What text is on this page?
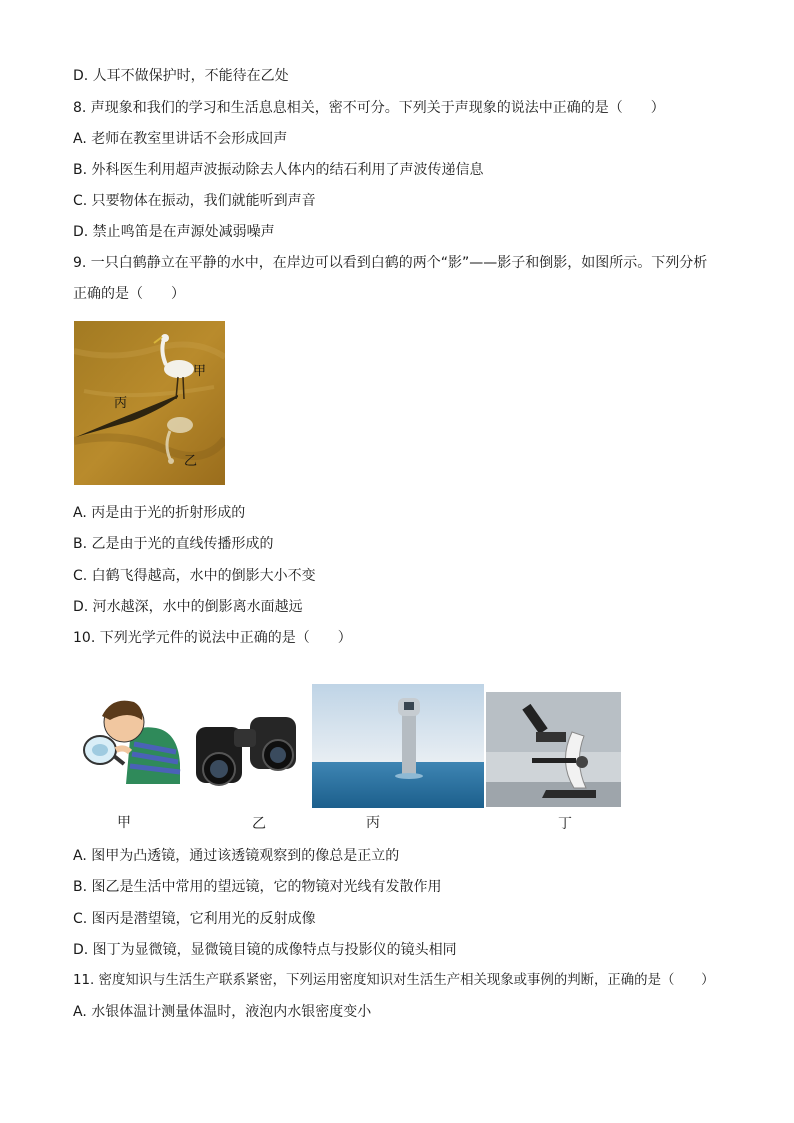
D. 人耳不做保护时，不能待在乙处
8. 声现象和我们的学习和生活息息相关，密不可分。下列关于声现象的说法中正确的是（　　）
A. 老师在教室里讲话不会形成回声
B. 外科医生利用超声波振动除去人体内的结石利用了声波传递信息
C. 只要物体在振动，我们就能听到声音
D. 禁止鸣笛是在声源处减弱噪声
9. 一只白鹤静立在平静的水中，在岸边可以看到白鹤的两个“影”——影子和倒影，如图所示。下列分析
正确的是（　　）
甲
丙
乙
A. 丙是由于光的折射形成的
B. 乙是由于光的直线传播形成的
C. 白鹤飞得越高，水中的倒影大小不变
D. 河水越深，水中的倒影离水面越远
10. 下列光学元件的说法中正确的是（　　）
甲	乙	丙	丁
A. 图甲为凸透镜，通过该透镜观察到的像总是正立的
B. 图乙是生活中常用的望远镜，它的物镜对光线有发散作用
C. 图丙是潜望镜，它利用光的反射成像
D. 图丁为显微镜，显微镜目镜的成像特点与投影仪的镜头相同
11. 密度知识与生活生产联系紧密，下列运用密度知识对生活生产相关现象或事例的判断，正确的是（　　）
A. 水银体温计测量体温时，液泡内水银密度变小
